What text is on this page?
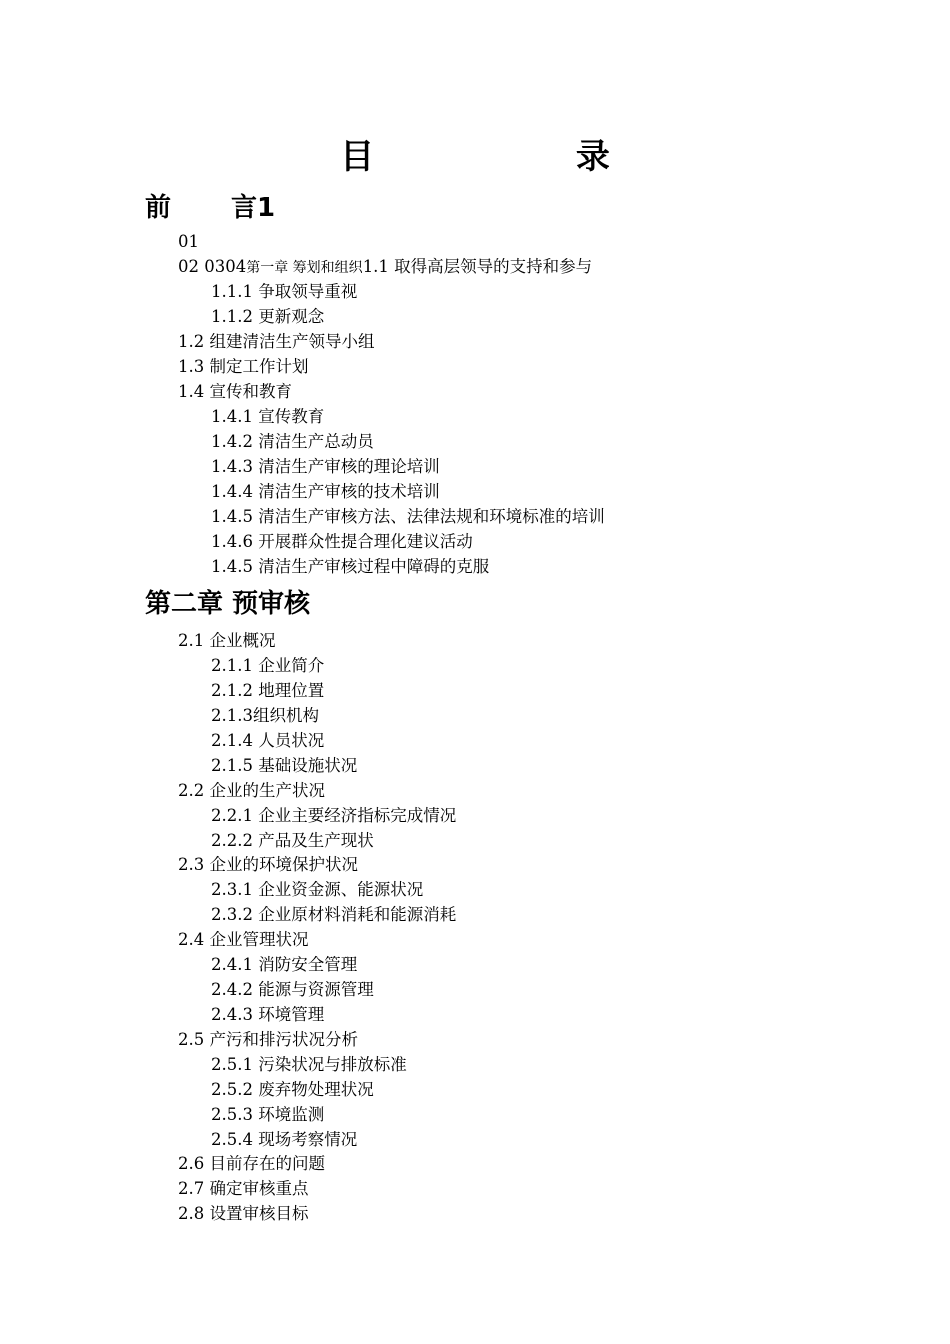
目 录
前 言1
01
02 0304第一章 筹划和组织1.1 取得高层领导的支持和参与
1.1.1 争取领导重视
1.1.2 更新观念
1.2 组建清洁生产领导小组
1.3 制定工作计划
1.4 宣传和教育
1.4.1 宣传教育
1.4.2 清洁生产总动员
1.4.3 清洁生产审核的理论培训
1.4.4 清洁生产审核的技术培训
1.4.5 清洁生产审核方法、法律法规和环境标准的培训
1.4.6 开展群众性提合理化建议活动
1.4.5 清洁生产审核过程中障碍的克服
第二章 预审核
2.1 企业概况
2.1.1 企业简介
2.1.2 地理位置
2.1.3组织机构
2.1.4 人员状况
2.1.5 基础设施状况
2.2 企业的生产状况
2.2.1 企业主要经济指标完成情况
2.2.2 产品及生产现状
2.3 企业的环境保护状况
2.3.1 企业资金源、能源状况
2.3.2 企业原材料消耗和能源消耗
2.4 企业管理状况
2.4.1 消防安全管理
2.4.2 能源与资源管理
2.4.3 环境管理
2.5 产污和排污状况分析
2.5.1 污染状况与排放标准
2.5.2 废弃物处理状况
2.5.3 环境监测
2.5.4 现场考察情况
2.6 目前存在的问题
2.7 确定审核重点
2.8 设置审核目标
